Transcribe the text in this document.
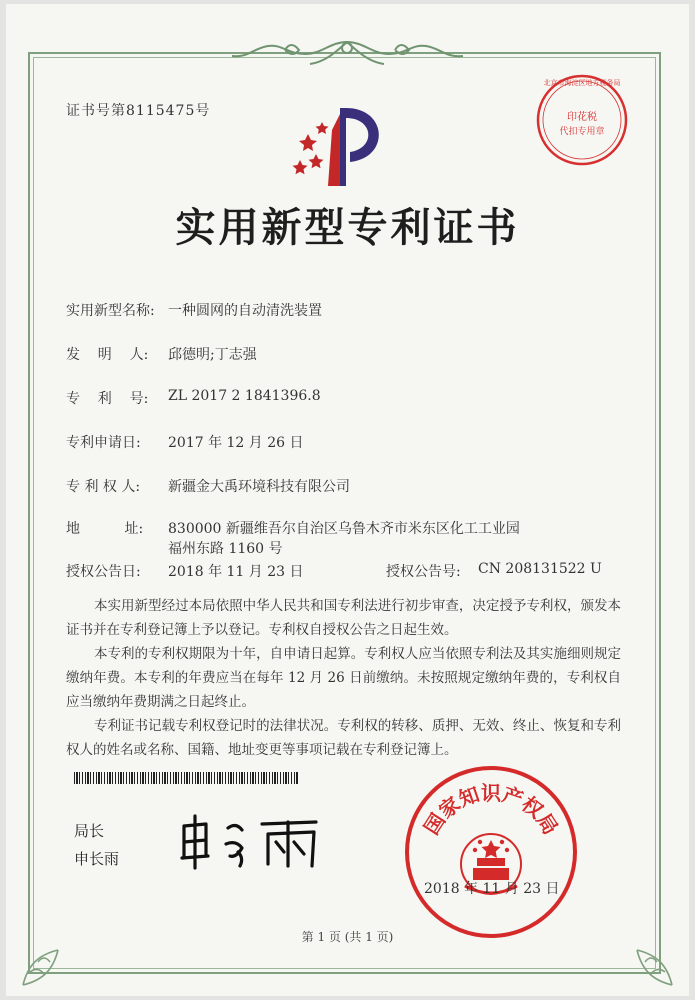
证书号第8115475号
北京市海淀区地方税务局
印花税
代扣专用章
实用新型专利证书
实用新型名称: 一种圆网的自动清洗装置
发    明    人: 邱德明;丁志强
专    利    号: ZL 2017 2 1841396.8
专利申请日: 2017 年 12 月 26 日
专 利 权 人: 新疆金大禹环境科技有限公司
地          址: 830000 新疆维吾尔自治区乌鲁木齐市米东区化工工业园
福州东路 1160 号
授权公告日: 2018 年 11 月 23 日	授权公告号: CN 208131522 U

本实用新型经过本局依照中华人民共和国专利法进行初步审查，决定授予专利权，颁发本证书并在专利登记簿上予以登记。专利权自授权公告之日起生效。

本专利的专利权期限为十年，自申请日起算。专利权人应当依照专利法及其实施细则规定缴纳年费。本专利的年费应当在每年 12 月 26 日前缴纳。未按照规定缴纳年费的，专利权自应当缴纳年费期满之日起终止。

专利证书记载专利权登记时的法律状况。专利权的转移、质押、无效、终止、恢复和专利权人的姓名或名称、国籍、地址变更等事项记载在专利登记簿上。

局长
申长雨
国家知识产权局
2018 年 11 月 23 日
第 1 页 (共 1 页)
